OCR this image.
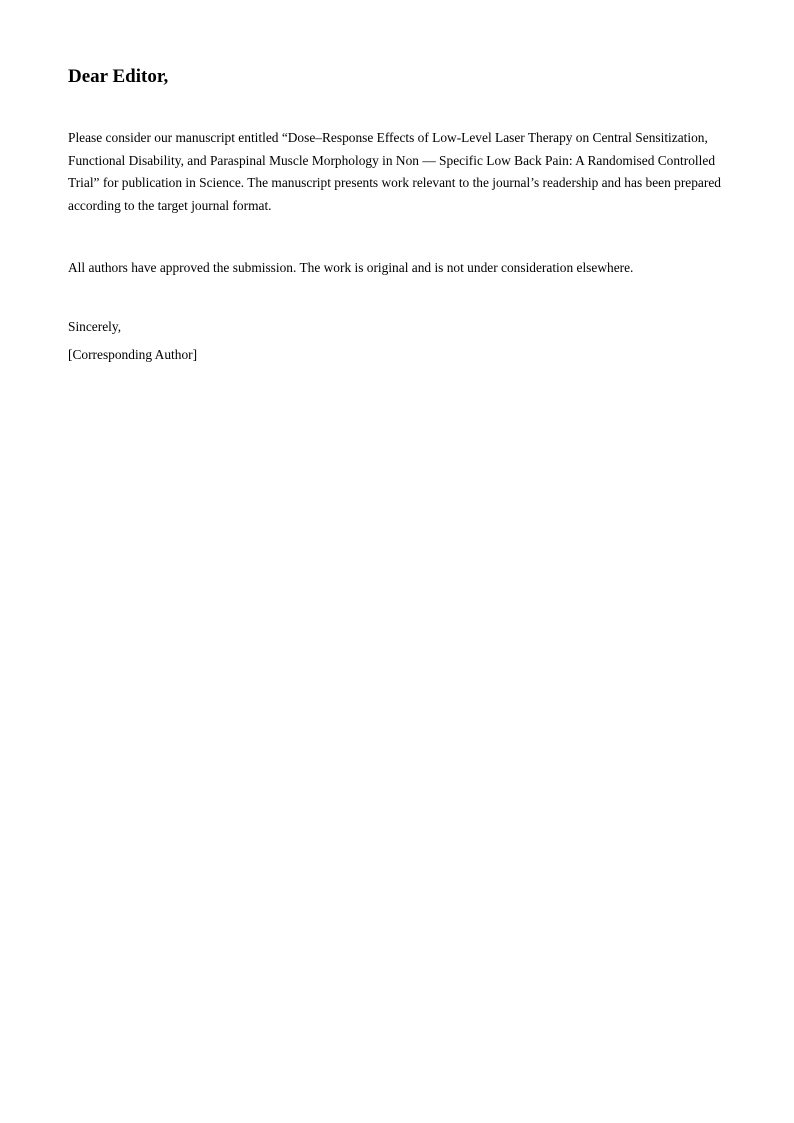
Dear Editor,

Please consider our manuscript entitled “Dose–Response Effects of Low-Level Laser Therapy on Central Sensitization, Functional Disability, and Paraspinal Muscle Morphology in Non — Specific Low Back Pain: A Randomised Controlled Trial” for publication in Science. The manuscript presents work relevant to the journal’s readership and has been prepared according to the target journal format.

All authors have approved the submission. The work is original and is not under consideration elsewhere.

Sincerely,

[Corresponding Author]
